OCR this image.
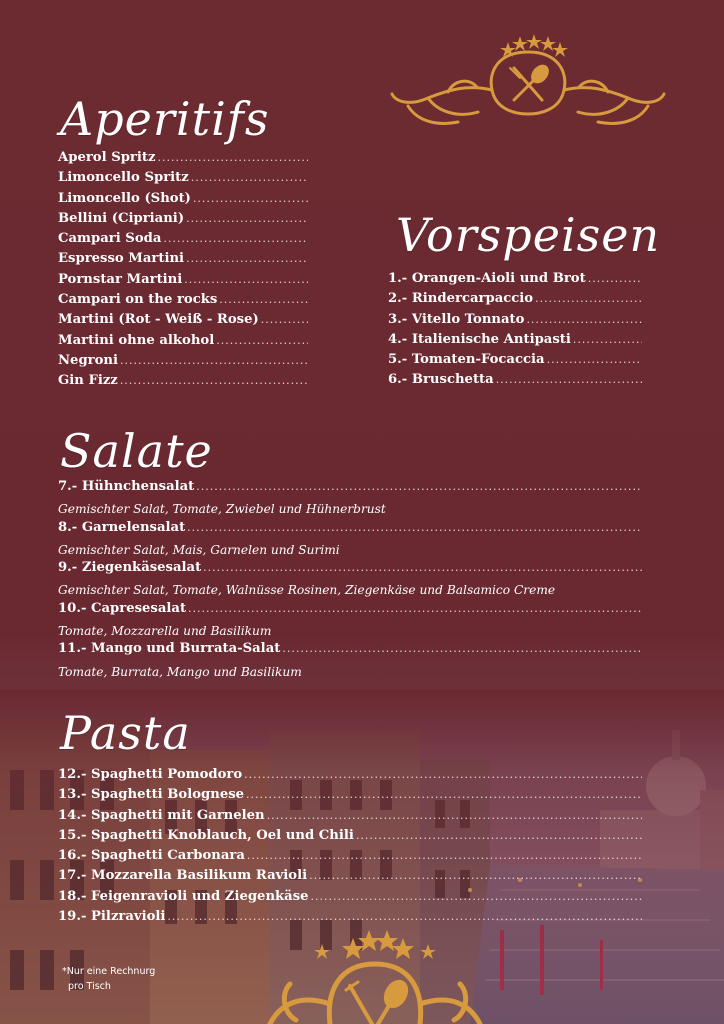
Aperitifs
Aperol Spritz
.....
Limoncello Spritz
.....
Limoncello (Shot)
.....
Bellini (Cipriani)
.....
Campari Soda
.....
Espresso Martini
.....
Pornstar Martini
.....
Campari on the rocks
.....
Martini (Rot - Weiß - Rose)
.....
Martini ohne alkohol
.....
Negroni
.....
Gin Fizz
.....
Vorspeisen
1.- Orangen-Aioli und Brot
.....
2.- Rindercarpaccio
.....
3.- Vitello Tonnato
.....
4.- Italienische Antipasti
.....
5.- Tomaten-Focaccia
.....
6.- Bruschetta
.....
Salate
7.- Hühnchensalat
.....
Gemischter Salat, Tomate, Zwiebel und Hühnerbrust
8.- Garnelensalat
.....
Gemischter Salat, Mais, Garnelen und Surimi
9.- Ziegenkäsesalat
.....
Gemischter Salat, Tomate, Walnüsse Rosinen, Ziegenkäse und Balsamico Creme
10.- Capresesalat
.....
Tomate, Mozzarella und Basilikum
11.- Mango und Burrata-Salat
.....
Tomate, Burrata, Mango und Basilikum
Pasta
12.- Spaghetti Pomodoro
.....
13.- Spaghetti Bolognese
.....
14.- Spaghetti mit Garnelen
.....
15.- Spaghetti Knoblauch, Oel und Chili
.....
16.- Spaghetti Carbonara
.....
17.- Mozzarella Basilikum Ravioli
.....
18.- Feigenravioli und Ziegenkäse
.....
19.- Pilzravioli
.....
*Nur eine Rechnurg
pro Tisch
